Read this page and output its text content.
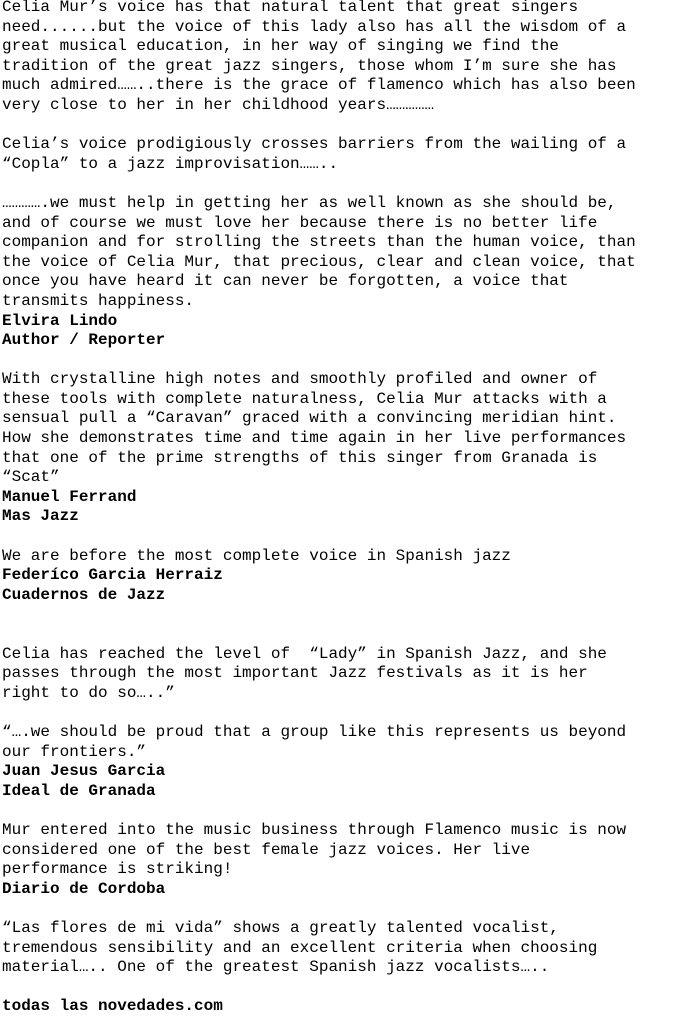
Celia Mur’s voice has that natural talent that great singers
need......but the voice of this lady also has all the wisdom of a
great musical education, in her way of singing we find the
tradition of the great jazz singers, those whom I’m sure she has
much admired……..there is the grace of flamenco which has also been
very close to her in her childhood years……………
Celia’s voice prodigiously crosses barriers from the wailing of a
“Copla” to a jazz improvisation……..
………….we must help in getting her as well known as she should be,
and of course we must love her because there is no better life
companion and for strolling the streets than the human voice, than
the voice of Celia Mur, that precious, clear and clean voice, that
once you have heard it can never be forgotten, a voice that
transmits happiness.
Elvira Lindo
Author / Reporter
With crystalline high notes and smoothly profiled and owner of
these tools with complete naturalness, Celia Mur attacks with a
sensual pull a “Caravan” graced with a convincing meridian hint.
How she demonstrates time and time again in her live performances
that one of the prime strengths of this singer from Granada is
“Scat”
Manuel Ferrand
Mas Jazz
We are before the most complete voice in Spanish jazz
Federíco Garcia Herraiz
Cuadernos de Jazz
Celia has reached the level of  “Lady” in Spanish Jazz, and she
passes through the most important Jazz festivals as it is her
right to do so…..”
“….we should be proud that a group like this represents us beyond
our frontiers.”
Juan Jesus Garcia
Ideal de Granada
Mur entered into the music business through Flamenco music is now
considered one of the best female jazz voices. Her live
performance is striking!
Diario de Cordoba
“Las flores de mi vida” shows a greatly talented vocalist,
tremendous sensibility and an excellent criteria when choosing
material….. One of the greatest Spanish jazz vocalists…..
todas las novedades.com
